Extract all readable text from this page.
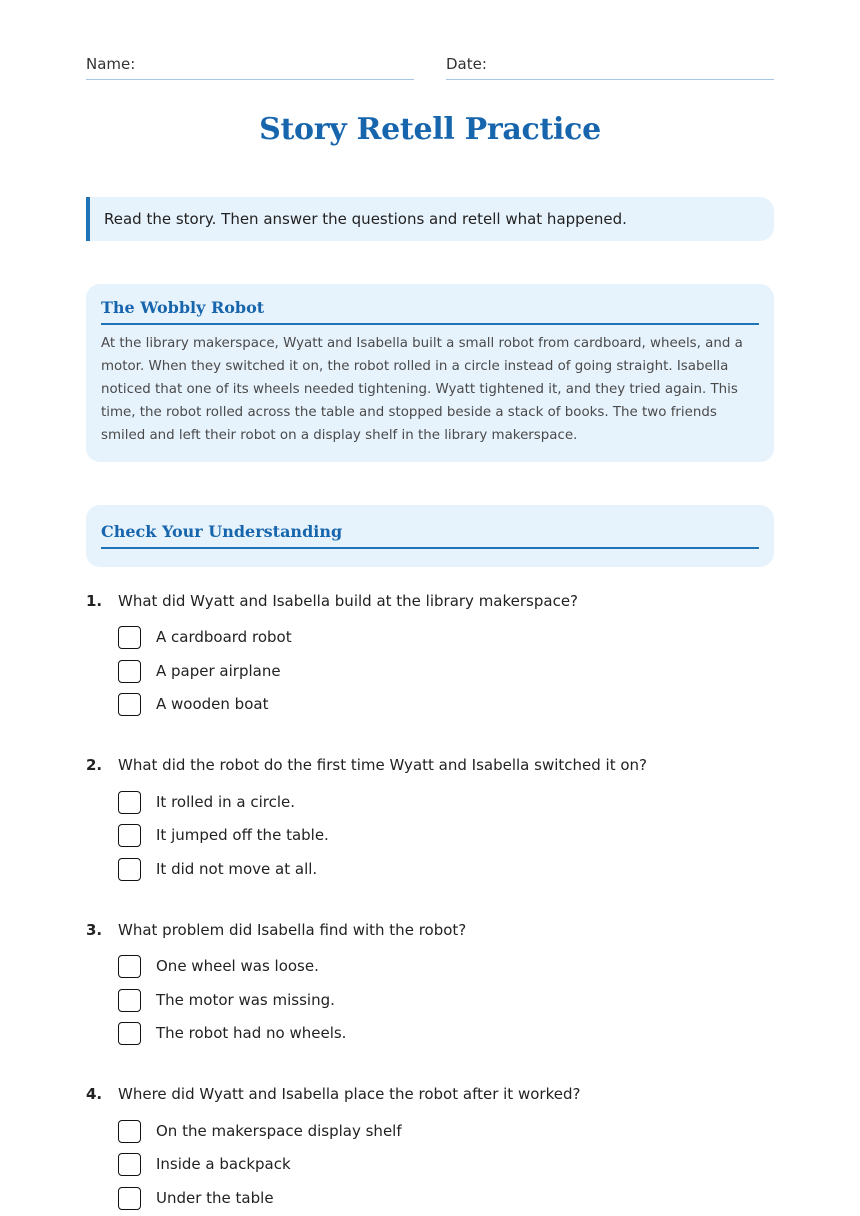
Name:	Date:
Story Retell Practice
Read the story. Then answer the questions and retell what happened.
The Wobbly Robot
At the library makerspace, Wyatt and Isabella built a small robot from cardboard, wheels, and a motor. When they switched it on, the robot rolled in a circle instead of going straight. Isabella noticed that one of its wheels needed tightening. Wyatt tightened it, and they tried again. This time, the robot rolled across the table and stopped beside a stack of books. The two friends smiled and left their robot on a display shelf in the library makerspace.
Check Your Understanding
1. What did Wyatt and Isabella build at the library makerspace?
A cardboard robot
A paper airplane
A wooden boat
2. What did the robot do the first time Wyatt and Isabella switched it on?
It rolled in a circle.
It jumped off the table.
It did not move at all.
3. What problem did Isabella find with the robot?
One wheel was loose.
The motor was missing.
The robot had no wheels.
4. Where did Wyatt and Isabella place the robot after it worked?
On the makerspace display shelf
Inside a backpack
Under the table
